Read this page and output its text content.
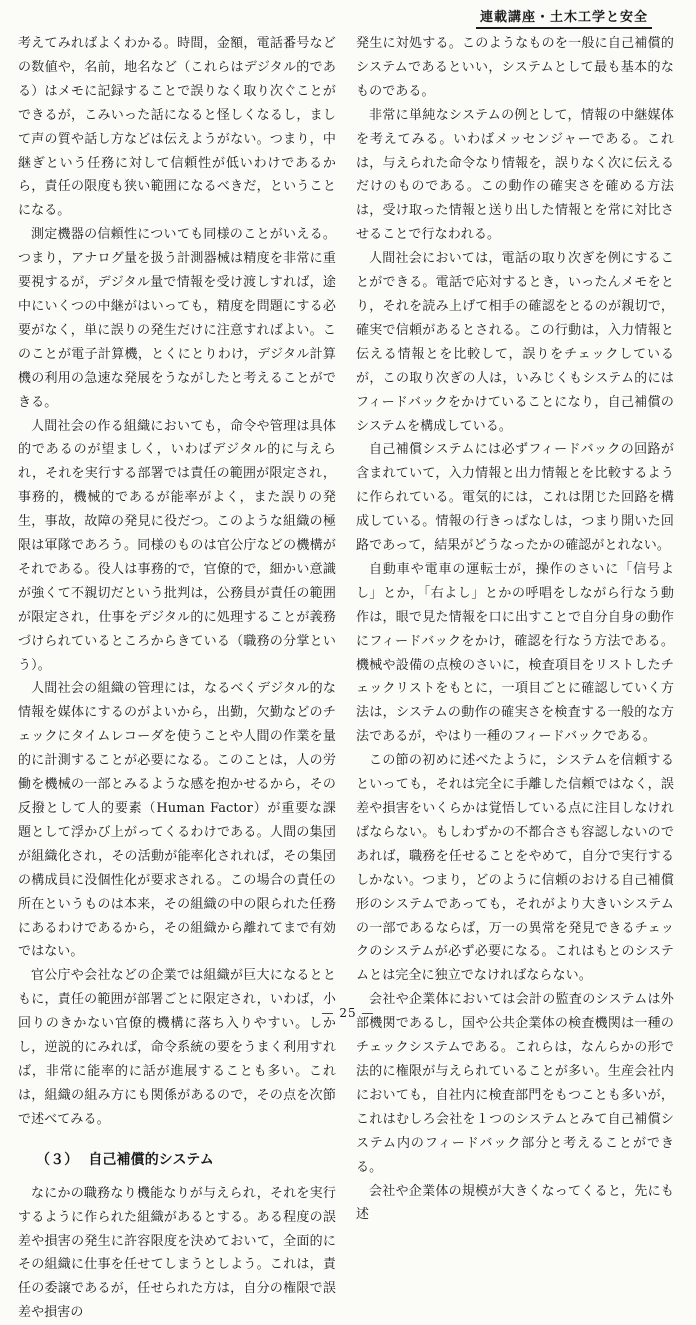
連載講座・土木工学と安全

考えてみればよくわかる。時間，金額，電話番号などの数値や，名前，地名など（これらはデジタル的である）はメモに記録することで誤りなく取り次ぐことができるが，こみいった話になると怪しくなるし，まして声の質や話し方などは伝えようがない。つまり，中継ぎという任務に対して信頼性が低いわけであるから，責任の限度も狭い範囲になるべきだ，ということになる。

測定機器の信頼性についても同様のことがいえる。つまり，アナログ量を扱う計測器械は精度を非常に重要視するが，デジタル量で情報を受け渡しすれば，途中にいくつの中継がはいっても，精度を問題にする必要がなく，単に誤りの発生だけに注意すればよい。このことが電子計算機，とくにとりわけ，デジタル計算機の利用の急速な発展をうながしたと考えることができる。

人間社会の作る組織においても，命令や管理は具体的であるのが望ましく，いわばデジタル的に与えられ，それを実行する部署では責任の範囲が限定され，事務的，機械的であるが能率がよく，また誤りの発生，事故，故障の発見に役だつ。このような組織の極限は軍隊であろう。同様のものは官公庁などの機構がそれである。役人は事務的で，官僚的で，細かい意識が強くて不親切だという批判は，公務員が責任の範囲が限定され，仕事をデジタル的に処理することが義務づけられているところからきている（職務の分掌という）。

人間社会の組織の管理には，なるべくデジタル的な情報を媒体にするのがよいから，出勤，欠勤などのチェックにタイムレコーダを使うことや人間の作業を量的に計測することが必要になる。このことは，人の労働を機械の一部とみるような感を抱かせるから，その反撥として人的要素（Human Factor）が重要な課題として浮かび上がってくるわけである。人間の集団が組織化され，その活動が能率化されれば，その集団の構成員に没個性化が要求される。この場合の責任の所在というものは本来，その組織の中の限られた任務にあるわけであるから，その組織から離れてまで有効ではない。

官公庁や会社などの企業では組織が巨大になるとともに，責任の範囲が部署ごとに限定され，いわば，小回りのきかない官僚的機構に落ち入りやすい。しかし，逆説的にみれば，命令系統の要をうまく利用すれば，非常に能率的に話が進展することも多い。これは，組織の組み方にも関係があるので，その点を次節で述べてみる。

（３） 自己補償的システム

なにかの職務なり機能なりが与えられ，それを実行するように作られた組織があるとする。ある程度の誤差や損害の発生に許容限度を決めておいて，全面的にその組織に仕事を任せてしまうとしよう。これは，責任の委譲であるが，任せられた方は，自分の権限で誤差や損害の

発生に対処する。このようなものを一般に自己補償的システムであるといい，システムとして最も基本的なものである。

非常に単純なシステムの例として，情報の中継媒体を考えてみる。いわばメッセンジャーである。これは，与えられた命令なり情報を，誤りなく次に伝えるだけのものである。この動作の確実さを確める方法は，受け取った情報と送り出した情報とを常に対比させることで行なわれる。

人間社会においては，電話の取り次ぎを例にすることができる。電話で応対するとき，いったんメモをとり，それを読み上げて相手の確認をとるのが親切で，確実で信頼があるとされる。この行動は，入力情報と伝える情報とを比較して，誤りをチェックしているが，この取り次ぎの人は，いみじくもシステム的にはフィードバックをかけていることになり，自己補償のシステムを構成している。

自己補償システムには必ずフィードバックの回路が含まれていて，入力情報と出力情報とを比較するように作られている。電気的には，これは閉じた回路を構成している。情報の行きっぱなしは，つまり開いた回路であって，結果がどうなったかの確認がとれない。

自動車や電車の運転士が，操作のさいに「信号よし」とか，「右よし」とかの呼唱をしながら行なう動作は，眼で見た情報を口に出すことで自分自身の動作にフィードバックをかけ，確認を行なう方法である。機械や設備の点検のさいに，検査項目をリストしたチェックリストをもとに，一項目ごとに確認していく方法は，システムの動作の確実さを検査する一般的な方法であるが，やはり一種のフィードバックである。

この節の初めに述べたように，システムを信頼するといっても，それは完全に手離した信頼ではなく，誤差や損害をいくらかは覚悟している点に注目しなければならない。もしわずかの不都合さも容認しないのであれば，職務を任せることをやめて，自分で実行するしかない。つまり，どのように信頼のおける自己補償形のシステムであっても，それがより大きいシステムの一部であるならば，万一の異常を発見できるチェックのシステムが必ず必要になる。これはもとのシステムとは完全に独立でなければならない。

会社や企業体においては会計の監査のシステムは外部機関であるし，国や公共企業体の検査機関は一種のチェックシステムである。これらは，なんらかの形で法的に権限が与えられていることが多い。生産会社内においても，自社内に検査部門をもつことも多いが，これはむしろ会社を１つのシステムとみて自己補償システム内のフィードバック部分と考えることができる。

会社や企業体の規模が大きくなってくると，先にも述

— 25 —
